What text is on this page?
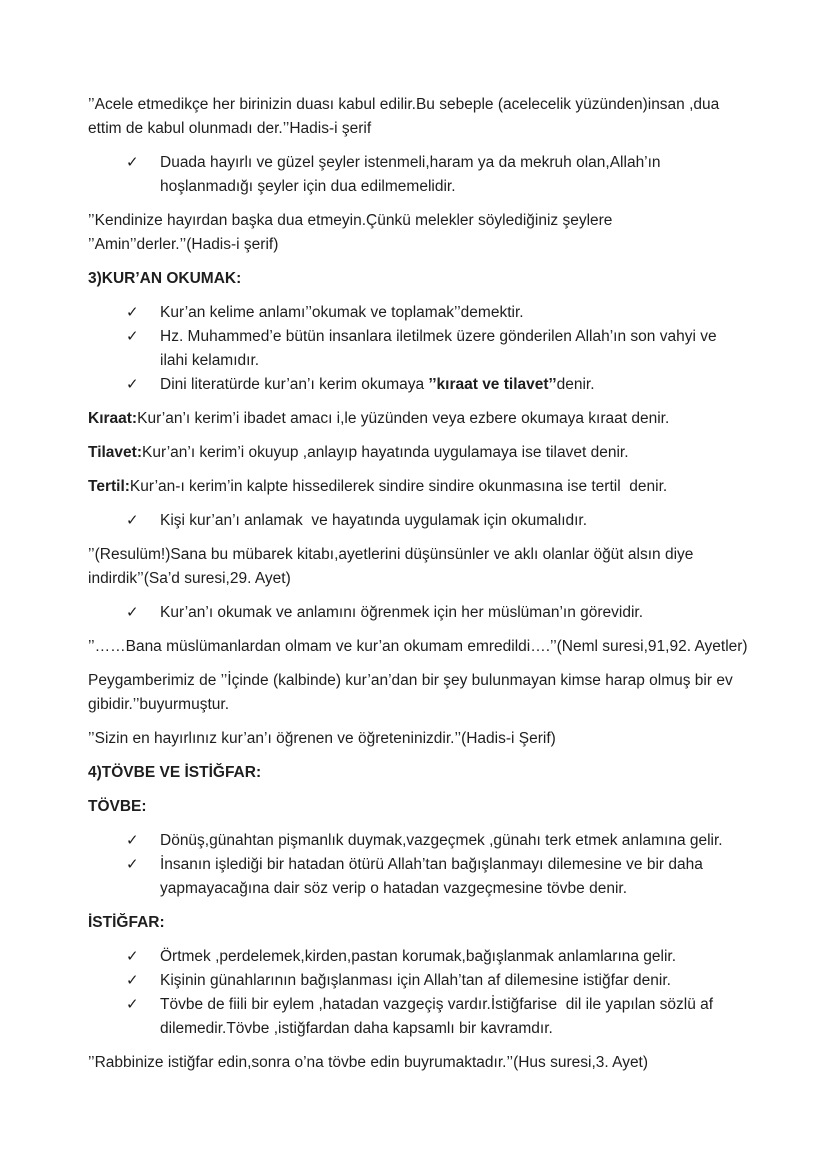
’’Acele etmedikçe her birinizin duası kabul edilir.Bu sebeple (acelecelik yüzünden)insan ,dua ettim de kabul olunmadı der.’’Hadis-i şerif

✓	Duada hayırlı ve güzel şeyler istenmeli,haram ya da mekruh olan,Allah’ın hoşlanmadığı şeyler için dua edilmemelidir.

’’Kendinize hayırdan başka dua etmeyin.Çünkü melekler söylediğiniz şeylere ’’Amin’’derler.’’(Hadis-i şerif)

3)KUR’AN OKUMAK:

✓	Kur’an kelime anlamı’’okumak ve toplamak’’demektir.
✓	Hz. Muhammed’e bütün insanlara iletilmek üzere gönderilen Allah’ın son vahyi ve ilahi kelamıdır.
✓	Dini literatürde kur’an’ı kerim okumaya ’’kıraat ve tilavet’’denir.

Kıraat:Kur’an’ı kerim’i ibadet amacı i,le yüzünden veya ezbere okumaya kıraat denir.

Tilavet:Kur’an’ı kerim’i okuyup ,anlayıp hayatında uygulamaya ise tilavet denir.

Tertil:Kur’an-ı kerim’in kalpte hissedilerek sindire sindire okunmasına ise tertil  denir.

✓	Kişi kur’an’ı anlamak  ve hayatında uygulamak için okumalıdır.

’’(Resulüm!)Sana bu mübarek kitabı,ayetlerini düşünsünler ve aklı olanlar öğüt alsın diye indirdik’’(Sa’d suresi,29. Ayet)

✓	Kur’an’ı okumak ve anlamını öğrenmek için her müslüman’ın görevidir.

’’……Bana müslümanlardan olmam ve kur’an okumam emredildi….’’(Neml suresi,91,92. Ayetler)

Peygamberimiz de ’’İçinde (kalbinde) kur’an’dan bir şey bulunmayan kimse harap olmuş bir ev gibidir.’’buyurmuştur.

’’Sizin en hayırlınız kur’an’ı öğrenen ve öğreteninizdir.’’(Hadis-i Şerif)

4)TÖVBE VE İSTİĞFAR:

TÖVBE:

✓	Dönüş,günahtan pişmanlık duymak,vazgeçmek ,günahı terk etmek anlamına gelir.
✓	İnsanın işlediği bir hatadan ötürü Allah’tan bağışlanmayı dilemesine ve bir daha yapmayacağına dair söz verip o hatadan vazgeçmesine tövbe denir.

İSTİĞFAR:

✓	Örtmek ,perdelemek,kirden,pastan korumak,bağışlanmak anlamlarına gelir.
✓	Kişinin günahlarının bağışlanması için Allah’tan af dilemesine istiğfar denir.
✓	Tövbe de fiili bir eylem ,hatadan vazgeçiş vardır.İstiğfarise  dil ile yapılan sözlü af dilemedir.Tövbe ,istiğfardan daha kapsamlı bir kavramdır.

’’Rabbinize istiğfar edin,sonra o’na tövbe edin buyrumaktadır.’’(Hus suresi,3. Ayet)
